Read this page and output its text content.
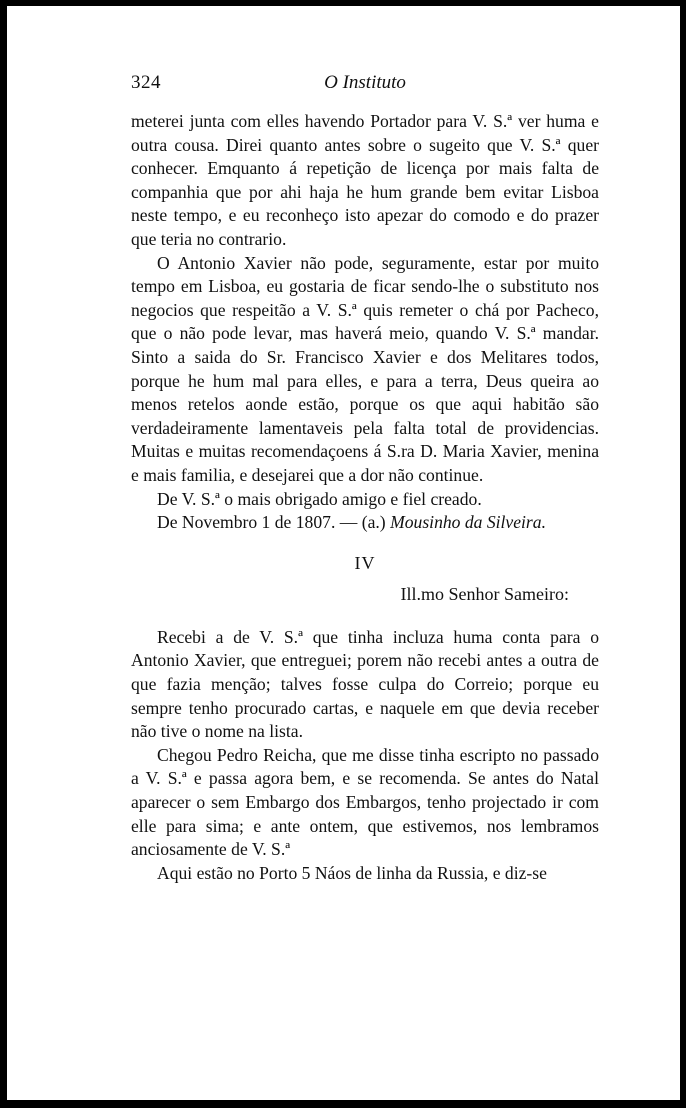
324	O Instituto

meterei junta com elles havendo Portador para V. S.ª ver huma e outra cousa. Direi quanto antes sobre o sugeito que V. S.ª quer conhecer. Emquanto á repetição de licença por mais falta de companhia que por ahi haja he hum grande bem evitar Lisboa neste tempo, e eu reconheço isto apezar do comodo e do prazer que teria no contrario.

O Antonio Xavier não pode, seguramente, estar por muito tempo em Lisboa, eu gostaria de ficar sendo-lhe o substituto nos negocios que respeitão a V. S.ª quis remeter o chá por Pacheco, que o não pode levar, mas haverá meio, quando V. S.ª mandar. Sinto a saida do Sr. Francisco Xavier e dos Melitares todos, porque he hum mal para elles, e para a terra, Deus queira ao menos retelos aonde estão, porque os que aqui habitão são verdadeiramente lamentaveis pela falta total de providencias. Muitas e muitas recomendaçoens á S.ra D. Maria Xavier, menina e mais familia, e desejarei que a dor não continue.

De V. S.ª o mais obrigado amigo e fiel creado.

De Novembro 1 de 1807. — (a.) Mousinho da Silveira.

IV
Ill.mo Senhor Sameiro:

Recebi a de V. S.ª que tinha incluza huma conta para o Antonio Xavier, que entreguei; porem não recebi antes a outra de que fazia menção; talves fosse culpa do Correio; porque eu sempre tenho procurado cartas, e naquele em que devia receber não tive o nome na lista.

Chegou Pedro Reicha, que me disse tinha escripto no passado a V. S.ª e passa agora bem, e se recomenda. Se antes do Natal aparecer o sem Embargo dos Embargos, tenho projectado ir com elle para sima; e ante ontem, que estivemos, nos lembramos anciosamente de V. S.ª

Aqui estão no Porto 5 Náos de linha da Russia, e diz-se
